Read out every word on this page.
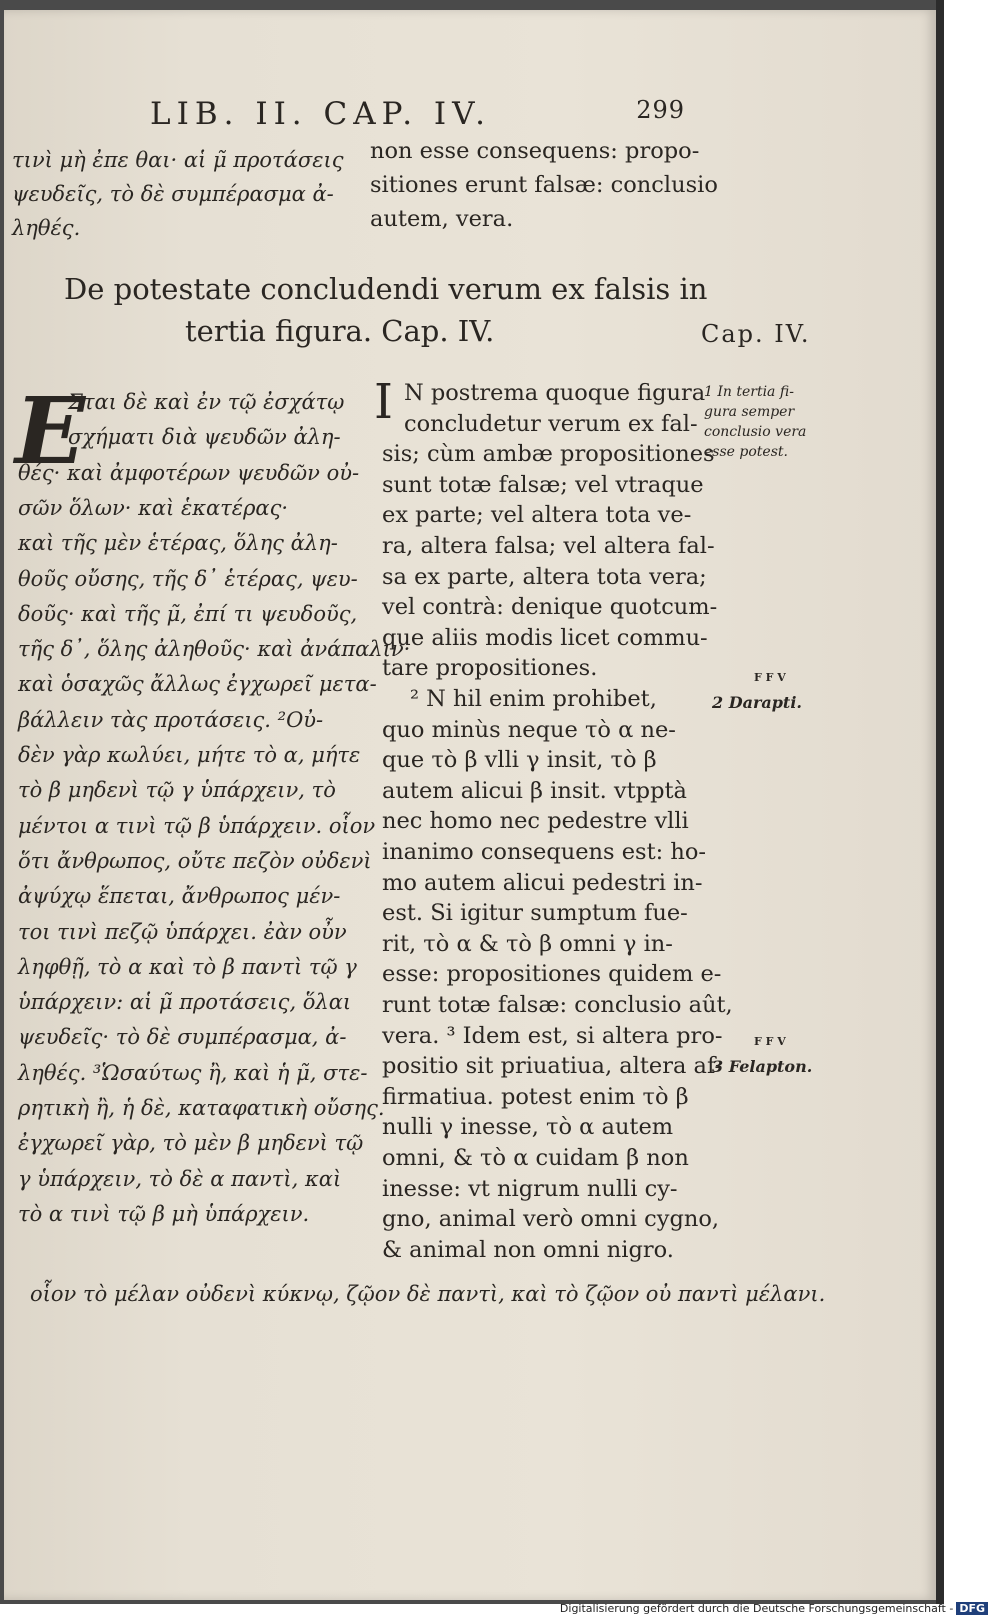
LIB. II. CAP. IV.	299
τινὶ μὴ ἐπε θαι· αἱ μ̃ προτάσεις
ψευδεῖς, τὸ δὲ συμπέρασμα ἀ-
ληθές.
non esse consequens: propo-
sitiones erunt falsæ: conclusio
autem, vera.
De potestate concludendi verum ex falsis in
tertia figura. Cap. IV.	Cap. IV.
E
Σται δὲ καὶ ἐν τῷ ἐσχάτῳ
σχήματι διὰ ψευδῶν ἀλη-
θές· καὶ ἀμφοτέρων ψευδῶν οὐ-
σῶν ὅλων· καὶ ἑκατέρας·
καὶ τῆς μὲν ἑτέρας, ὅλης ἀλη-
θοῦς οὔσης, τῆς δ᾽ ἑτέρας, ψευ-
δοῦς· καὶ τῆς μ̃, ἐπί τι ψευδοῦς,
τῆς δ᾽, ὅλης ἀληθοῦς· καὶ ἀνάπαλιν·
καὶ ὁσαχῶς ἄλλως ἐγχωρεῖ μετα-
βάλλειν τὰς προτάσεις. ²Οὐ-
δὲν γὰρ κωλύει, μήτε τὸ α, μήτε
τὸ β μηδενὶ τῷ γ ὑπάρχειν, τὸ
μέντοι α τινὶ τῷ β ὑπάρχειν. οἷον
ὅτι ἄνθρωπος, οὔτε πεζὸν οὐδενὶ
ἀψύχῳ ἕπεται, ἄνθρωπος μέν-
τοι τινὶ πεζῷ ὑπάρχει. ἐὰν οὖν
ληφθῇ, τὸ α καὶ τὸ β παντὶ τῷ γ
ὑπάρχειν: αἱ μ̃ προτάσεις, ὅλαι
ψευδεῖς· τὸ δὲ συμπέρασμα, ἀ-
ληθές. ³Ὡσαύτως ἢ, καὶ ἡ μ̃, στε-
ρητικὴ ἢ, ἡ δὲ, καταφατικὴ οὔσης.
ἐγχωρεῖ γὰρ, τὸ μὲν β μηδενὶ τῷ
γ ὑπάρχειν, τὸ δὲ α παντὶ, καὶ
τὸ α τινὶ τῷ β μὴ ὑπάρχειν.
I N postrema quoque figura
concludetur verum ex fal-
sis; cùm ambæ propositiones
sunt totæ falsæ; vel vtraque
ex parte; vel altera tota ve-
ra, altera falsa; vel altera fal-
sa ex parte, altera tota vera;
vel contrà: denique quotcum-
que aliis modis licet commu-
tare propositiones.
² N hil enim prohibet,
quo minùs neque τὸ α ne-
que τὸ β vlli γ insit, τὸ β
autem alicui β insit. vtpptà
nec homo nec pedestre vlli
inanimo consequens est: ho-
mo autem alicui pedestri in-
est. Si igitur sumptum fue-
rit, τὸ α & τὸ β omni γ in-
esse: propositiones quidem e-
runt totæ falsæ: conclusio aût,
vera. ³ Idem est, si altera pro-
positio sit priuatiua, altera af-
firmatiua. potest enim τὸ β
nulli γ inesse, τὸ α autem
omni, & τὸ α cuidam β non
inesse: vt nigrum nulli cy-
gno, animal verò omni cygno,
& animal non omni nigro.
οἷον τὸ μέλαν οὐδενὶ κύκνῳ, ζῷον δὲ παντὶ, καὶ τὸ ζῷον οὐ παντὶ μέλανι.
1 In tertia fi-
gura semper
conclusio vera
esse potest.
F F V
2 Darapti.
F F V
3 Felapton.
Digitalisierung gefördert durch die Deutsche Forschungsgemeinschaft - DFG
